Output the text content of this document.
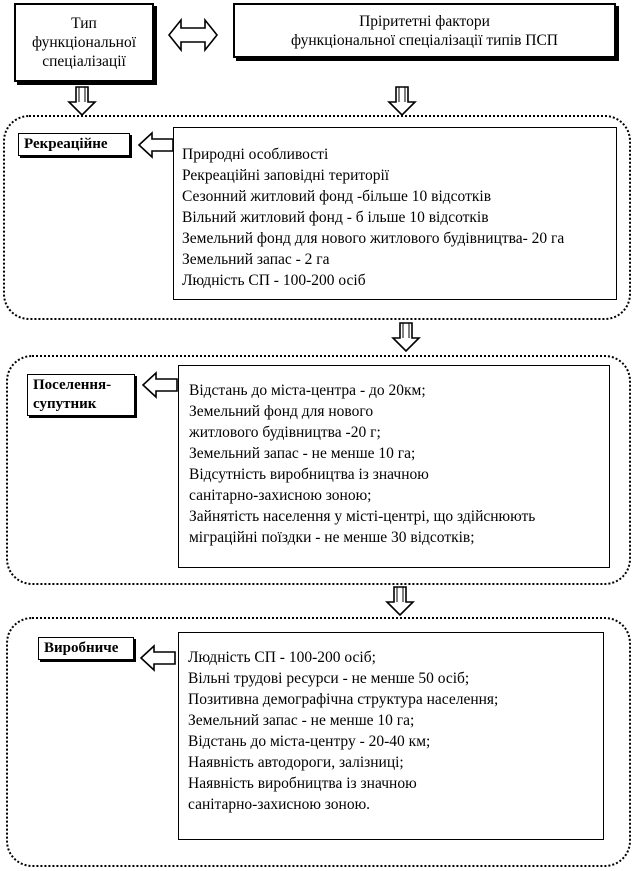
Тип
функціональної
спеціалізації
Пріритетні фактори
функціональної спеціалізації типів ПСП
Рекреаційне
Природні особливості
Рекреаційні заповідні території
Сезонний житловий фонд -більше 10 відсотків
Вільний житловий фонд - б ільше 10 відсотків
Земельний фонд для нового житлового будівництва- 20 га
Земельний запас - 2 га
Людність СП - 100-200 осіб
Поселення-
супутник
Відстань до міста-центра - до 20км;
Земельний фонд для нового
житлового будівництва -20 г;
Земельний запас - не менше 10 га;
Відсутність виробництва із значною
санітарно-захисною зоною;
Зайнятість населення у місті-центрі, що здійснюють
міграційні поїздки - не менше 30 відсотків;
Виробниче
Людність СП - 100-200 осіб;
Вільні трудові ресурси - не менше 50 осіб;
Позитивна демографічна структура населення;
Земельний запас - не менше 10 га;
Відстань до міста-центру - 20-40 км;
Наявність автодороги, залізниці;
Наявність виробництва із значною
санітарно-захисною зоною.
